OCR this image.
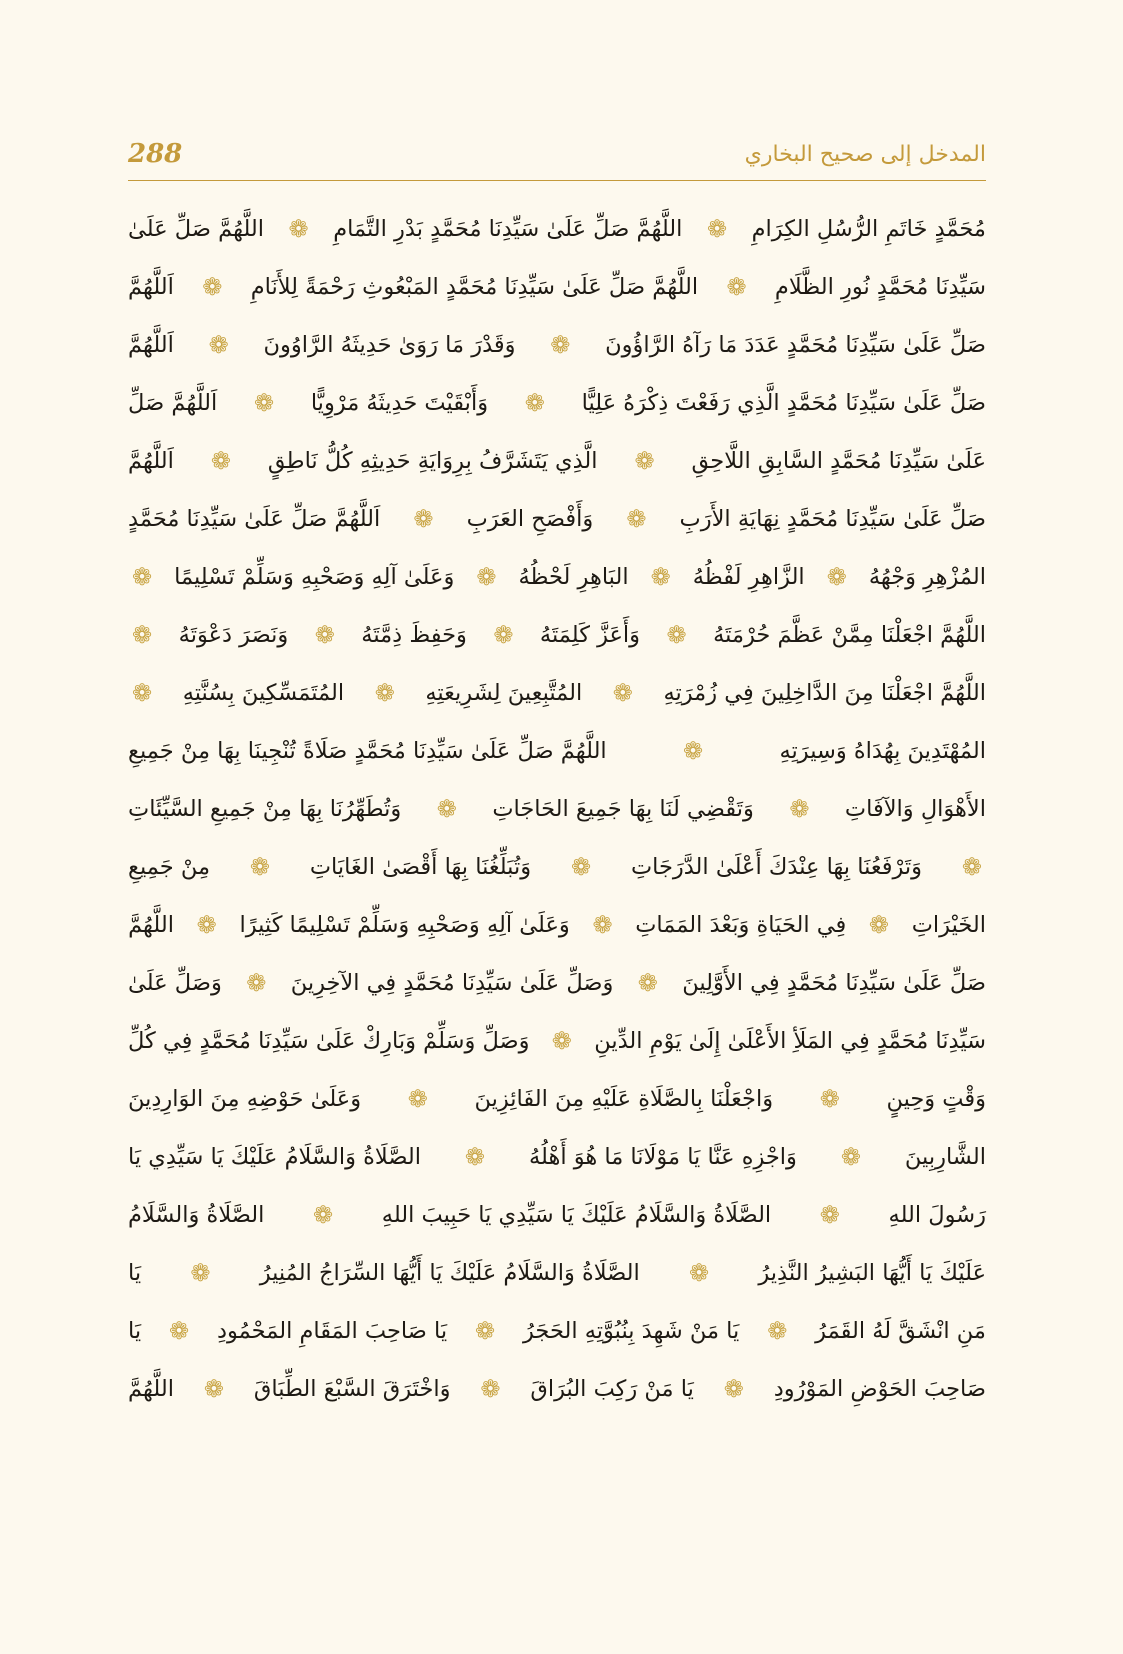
288	المدخل إلى صحيح البخاري
مُحَمَّدٍ خَاتَمِ الرُّسُلِ الكِرَامِ
❁
اللَّهُمَّ صَلِّ عَلَىٰ سَيِّدِنَا مُحَمَّدٍ بَدْرِ التَّمَامِ
❁
اللَّهُمَّ صَلِّ عَلَىٰ
سَيِّدِنَا مُحَمَّدٍ نُورِ الظَّلَامِ
❁
اللَّهُمَّ صَلِّ عَلَىٰ سَيِّدِنَا مُحَمَّدٍ المَبْعُوثِ رَحْمَةً لِلأَنَامِ
❁
اَللَّهُمَّ
صَلِّ عَلَىٰ سَيِّدِنَا مُحَمَّدٍ عَدَدَ مَا رَآهُ الرَّاؤُونَ
❁
وَقَدْرَ مَا رَوَىٰ حَدِيثَهُ الرَّاوُونَ
❁
اَللَّهُمَّ
صَلِّ عَلَىٰ سَيِّدِنَا مُحَمَّدٍ الَّذِي رَفَعْتَ ذِكْرَهُ عَلِيًّا
❁
وَأَبْقَيْتَ حَدِيثَهُ مَرْوِيًّا
❁
اَللَّهُمَّ صَلِّ
عَلَىٰ سَيِّدِنَا مُحَمَّدٍ السَّابِقِ اللَّاحِقِ
❁
الَّذِي يَتَشَرَّفُ بِرِوَايَةِ حَدِيثِهِ كُلُّ نَاطِقٍ
❁
اَللَّهُمَّ
صَلِّ عَلَىٰ سَيِّدِنَا مُحَمَّدٍ نِهَايَةِ الأَرَبِ
❁
وَأَفْصَحِ العَرَبِ
❁
اَللَّهُمَّ صَلِّ عَلَىٰ سَيِّدِنَا مُحَمَّدٍ
المُزْهِرِ وَجْهُهُ
❁
الزَّاهِرِ لَفْظُهُ
❁
البَاهِرِ لَحْظُهُ
❁
وَعَلَىٰ آلِهِ وَصَحْبِهِ وَسَلِّمْ تَسْلِيمًا
❁
اللَّهُمَّ اجْعَلْنَا مِمَّنْ عَظَّمَ حُرْمَتَهُ
❁
وَأَعَزَّ كَلِمَتَهُ
❁
وَحَفِظَ ذِمَّتَهُ
❁
وَنَصَرَ دَعْوَتَهُ
❁
اللَّهُمَّ اجْعَلْنَا مِنَ الدَّاخِلِينَ فِي زُمْرَتِهِ
❁
المُتَّبِعِينَ لِشَرِيعَتِهِ
❁
المُتَمَسِّكِينَ بِسُنَّتِهِ
❁
المُهْتَدِينَ بِهُدَاهُ وَسِيرَتِهِ
❁
اللَّهُمَّ صَلِّ عَلَىٰ سَيِّدِنَا مُحَمَّدٍ صَلَاةً تُنْجِينَا بِهَا مِنْ جَمِيعِ
الأَهْوَالِ وَالآفَاتِ
❁
وَتَقْضِي لَنَا بِهَا جَمِيعَ الحَاجَاتِ
❁
وَتُطَهِّرُنَا بِهَا مِنْ جَمِيعِ السَّيِّئَاتِ
❁
وَتَرْفَعُنَا بِهَا عِنْدَكَ أَعْلَىٰ الدَّرَجَاتِ
❁
وَتُبَلِّغُنَا بِهَا أَقْصَىٰ الغَايَاتِ
❁
مِنْ جَمِيعِ
الخَيْرَاتِ
❁
فِي الحَيَاةِ وَبَعْدَ المَمَاتِ
❁
وَعَلَىٰ آلِهِ وَصَحْبِهِ وَسَلِّمْ تَسْلِيمًا كَثِيرًا
❁
اللَّهُمَّ
صَلِّ عَلَىٰ سَيِّدِنَا مُحَمَّدٍ فِي الأَوَّلِينَ
❁
وَصَلِّ عَلَىٰ سَيِّدِنَا مُحَمَّدٍ فِي الآخِرِينَ
❁
وَصَلِّ عَلَىٰ
سَيِّدِنَا مُحَمَّدٍ فِي المَلَأِ الأَعْلَىٰ إِلَىٰ يَوْمِ الدِّينِ
❁
وَصَلِّ وَسَلِّمْ وَبَارِكْ عَلَىٰ سَيِّدِنَا مُحَمَّدٍ فِي كُلِّ
وَقْتٍ وَحِينٍ
❁
وَاجْعَلْنَا بِالصَّلَاةِ عَلَيْهِ مِنَ الفَائِزِينَ
❁
وَعَلَىٰ حَوْضِهِ مِنَ الوَارِدِينَ
الشَّارِبِينَ
❁
وَاجْزِهِ عَنَّا يَا مَوْلَانَا مَا هُوَ أَهْلُهُ
❁
الصَّلَاةُ وَالسَّلَامُ عَلَيْكَ يَا سَيِّدِي يَا
رَسُولَ اللهِ
❁
الصَّلَاةُ وَالسَّلَامُ عَلَيْكَ يَا سَيِّدِي يَا حَبِيبَ اللهِ
❁
الصَّلَاةُ وَالسَّلَامُ
عَلَيْكَ يَا أَيُّهَا البَشِيرُ النَّذِيرُ
❁
الصَّلَاةُ وَالسَّلَامُ عَلَيْكَ يَا أَيُّهَا السِّرَاجُ المُنِيرُ
❁
يَا
مَنِ انْشَقَّ لَهُ القَمَرُ
❁
يَا مَنْ شَهِدَ بِنُبُوَّتِهِ الحَجَرُ
❁
يَا صَاحِبَ المَقَامِ المَحْمُودِ
❁
يَا
صَاحِبَ الحَوْضِ المَوْرُودِ
❁
يَا مَنْ رَكِبَ البُرَاقَ
❁
وَاخْتَرَقَ السَّبْعَ الطِّبَاقَ
❁
اللَّهُمَّ
